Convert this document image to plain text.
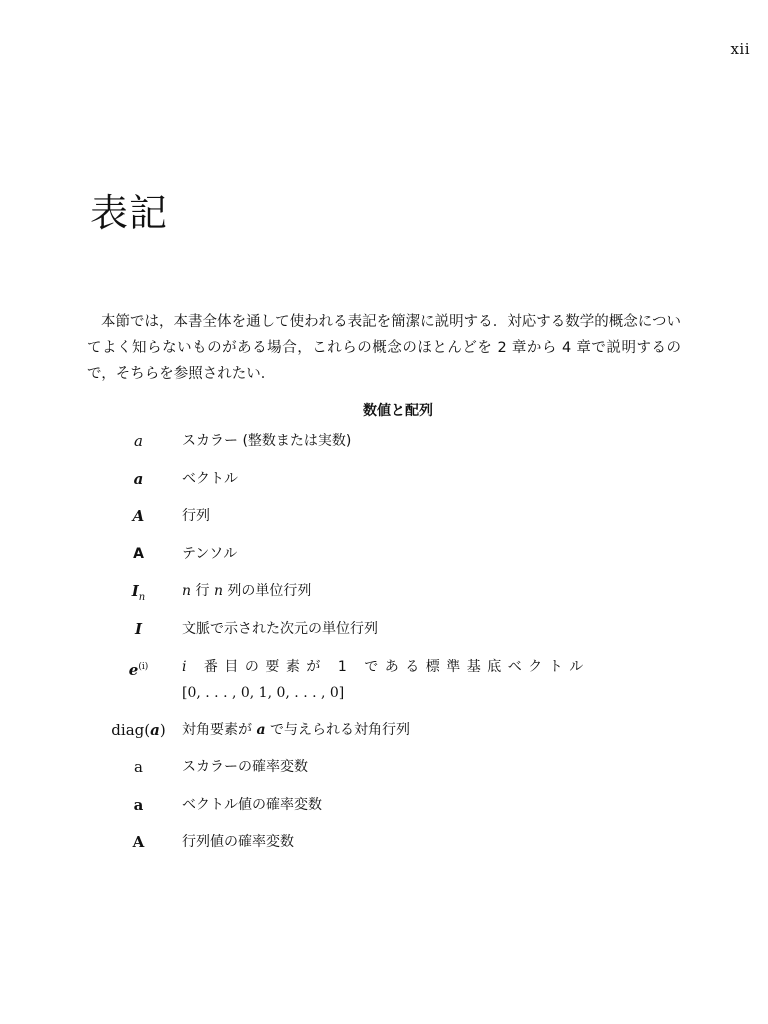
xii
表記

本節では，本書全体を通して使われる表記を簡潔に説明する．対応する数学的概念についてよく知らないものがある場合，これらの概念のほとんどを 2 章から 4 章で説明するので，そちらを参照されたい．

数値と配列
a	スカラー (整数または実数)
a	ベクトル
A	行列
A	テンソル
$I_n$	n 行 n 列の単位行列
I	文脈で示された次元の単位行列
$e^{(i)}$	i 番目の要素が 1 である標準基底ベクトル
[0, . . . , 0, 1, 0, . . . , 0]
diag(a)	対角要素が a で与えられる対角行列
a	スカラーの確率変数
a	ベクトル値の確率変数
A	行列値の確率変数
